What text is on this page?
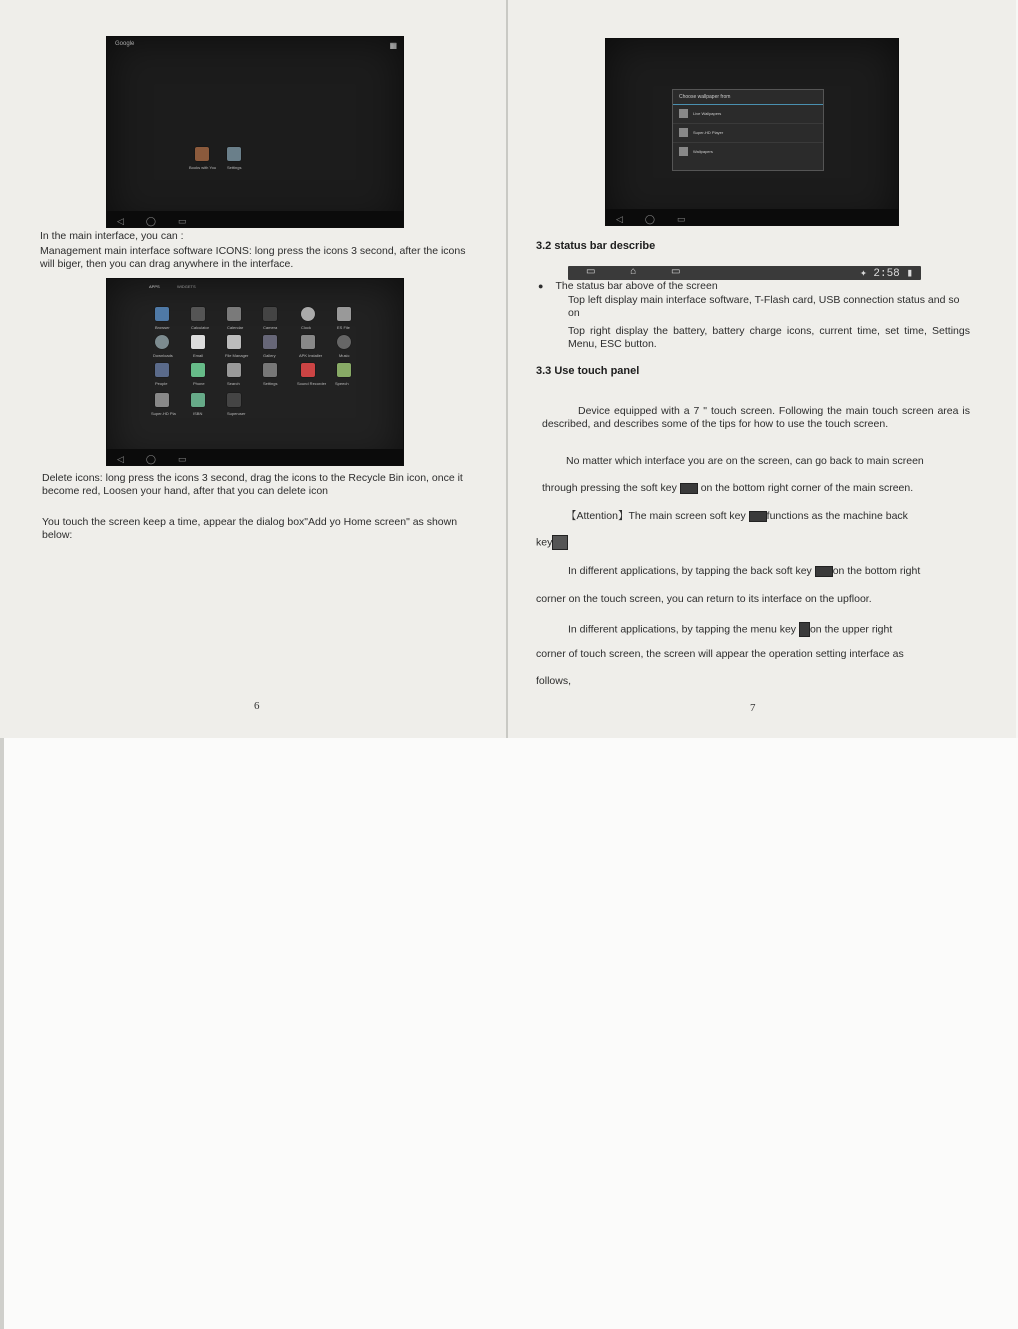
Google	▦
Books with You	Settings
◁ ◯ ▭
In the main interface, you can :
Management main interface software ICONS: long press the icons 3 second, after the icons will biger, then you can drag anywhere in the interface.
APPS	WIDGETS
Browser	Calculator	Calendar	Camera	Clock	ES File
Downloads	Email	File Manager	Gallery	APK Installer	Music
People	Phone	Search	Settings	Sound Recorder Speech
Super-HD Pla	ISBN	Superuser
◁ ◯ ▭
Delete icons: long press the icons 3 second, drag the icons to the Recycle Bin icon, once it become red, Loosen your hand, after that you can delete icon
You touch the screen keep a time, appear the dialog box"Add yo Home screen" as shown below:
6
Choose wallpaper from
Live Wallpapers
Super-HD Player
Wallpapers
◁ ◯ ▭
3.2 status bar describe
● The status bar above of the screen
Top left display main interface software, T-Flash card, USB connection status and so on
Top right display the battery, battery charge icons, current time, set time, Settings Menu, ESC button.
3.3 Use touch panel
Device equipped with a 7 " touch screen. Following the main touch screen area is described, and describes some of the tips for how to use the touch screen.
No matter which interface you are on the screen, can go back to main screen
through pressing the soft key on the bottom right corner of the main screen.
【Attention】The main screen soft key functions as the machine back
key
In different applications, by tapping the back soft key on the bottom right
corner on the touch screen, you can return to its interface on the upfloor.
In different applications, by tapping the menu key on the upper right
corner of touch screen, the screen will appear the operation setting interface as
follows,
7
▭ ⌂ ▭	✦ 2:58 ▮
